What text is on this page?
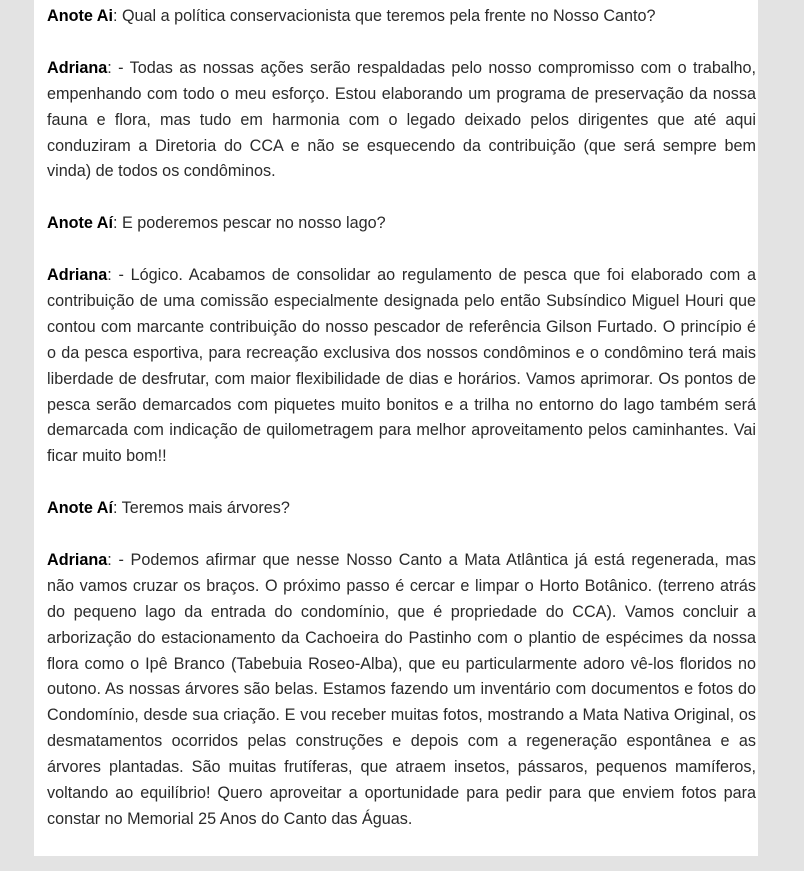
Anote Ai: Qual a política conservacionista que teremos pela frente no Nosso Canto?

Adriana: - Todas as nossas ações serão respaldadas pelo nosso compromisso com o trabalho, empenhando com todo o meu esforço. Estou elaborando um programa de preservação da nossa fauna e flora, mas tudo em harmonia com o legado deixado pelos dirigentes que até aqui conduziram a Diretoria do CCA e não se esquecendo da contribuição (que será sempre bem vinda) de todos os condôminos.

Anote Aí: E poderemos pescar no nosso lago?

Adriana: - Lógico. Acabamos de consolidar ao regulamento de pesca que foi elaborado com a contribuição de uma comissão especialmente designada pelo então Subsíndico Miguel Houri que contou com marcante contribuição do nosso pescador de referência Gilson Furtado. O princípio é o da pesca esportiva, para recreação exclusiva dos nossos condôminos e o condômino terá mais liberdade de desfrutar, com maior flexibilidade de dias e horários. Vamos aprimorar. Os pontos de pesca serão demarcados com piquetes muito bonitos e a trilha no entorno do lago também será demarcada com indicação de quilometragem para melhor aproveitamento pelos caminhantes. Vai ficar muito bom!!

Anote Aí: Teremos mais árvores?

Adriana: - Podemos afirmar que nesse Nosso Canto a Mata Atlântica já está regenerada, mas não vamos cruzar os braços. O próximo passo é cercar e limpar o Horto Botânico. (terreno atrás do pequeno lago da entrada do condomínio, que é propriedade do CCA). Vamos concluir a arborização do estacionamento da Cachoeira do Pastinho com o plantio de espécimes da nossa flora como o Ipê Branco (Tabebuia Roseo-Alba), que eu particularmente adoro vê-los floridos no outono. As nossas árvores são belas. Estamos fazendo um inventário com documentos e fotos do Condomínio, desde sua criação. E vou receber muitas fotos, mostrando a Mata Nativa Original, os desmatamentos ocorridos pelas construções e depois com a regeneração espontânea e as árvores plantadas. São muitas frutíferas, que atraem insetos, pássaros, pequenos mamíferos, voltando ao equilíbrio! Quero aproveitar a oportunidade para pedir para que enviem fotos para constar no Memorial 25 Anos do Canto das Águas.
